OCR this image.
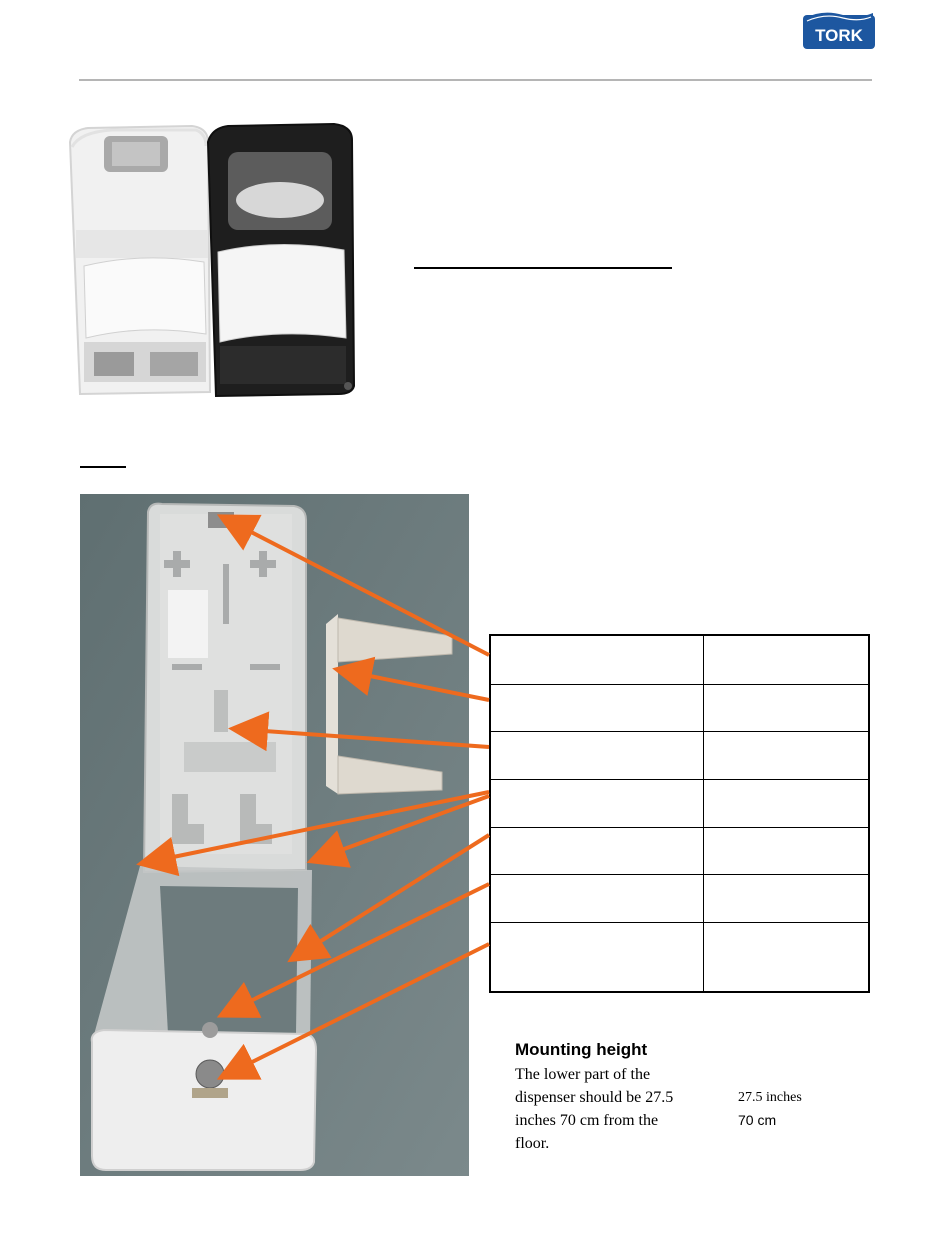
TORK
Mounting height
The lower part of the dispenser should be 27.5 inches 70 cm from the floor.
27.5 inches
70 cm
